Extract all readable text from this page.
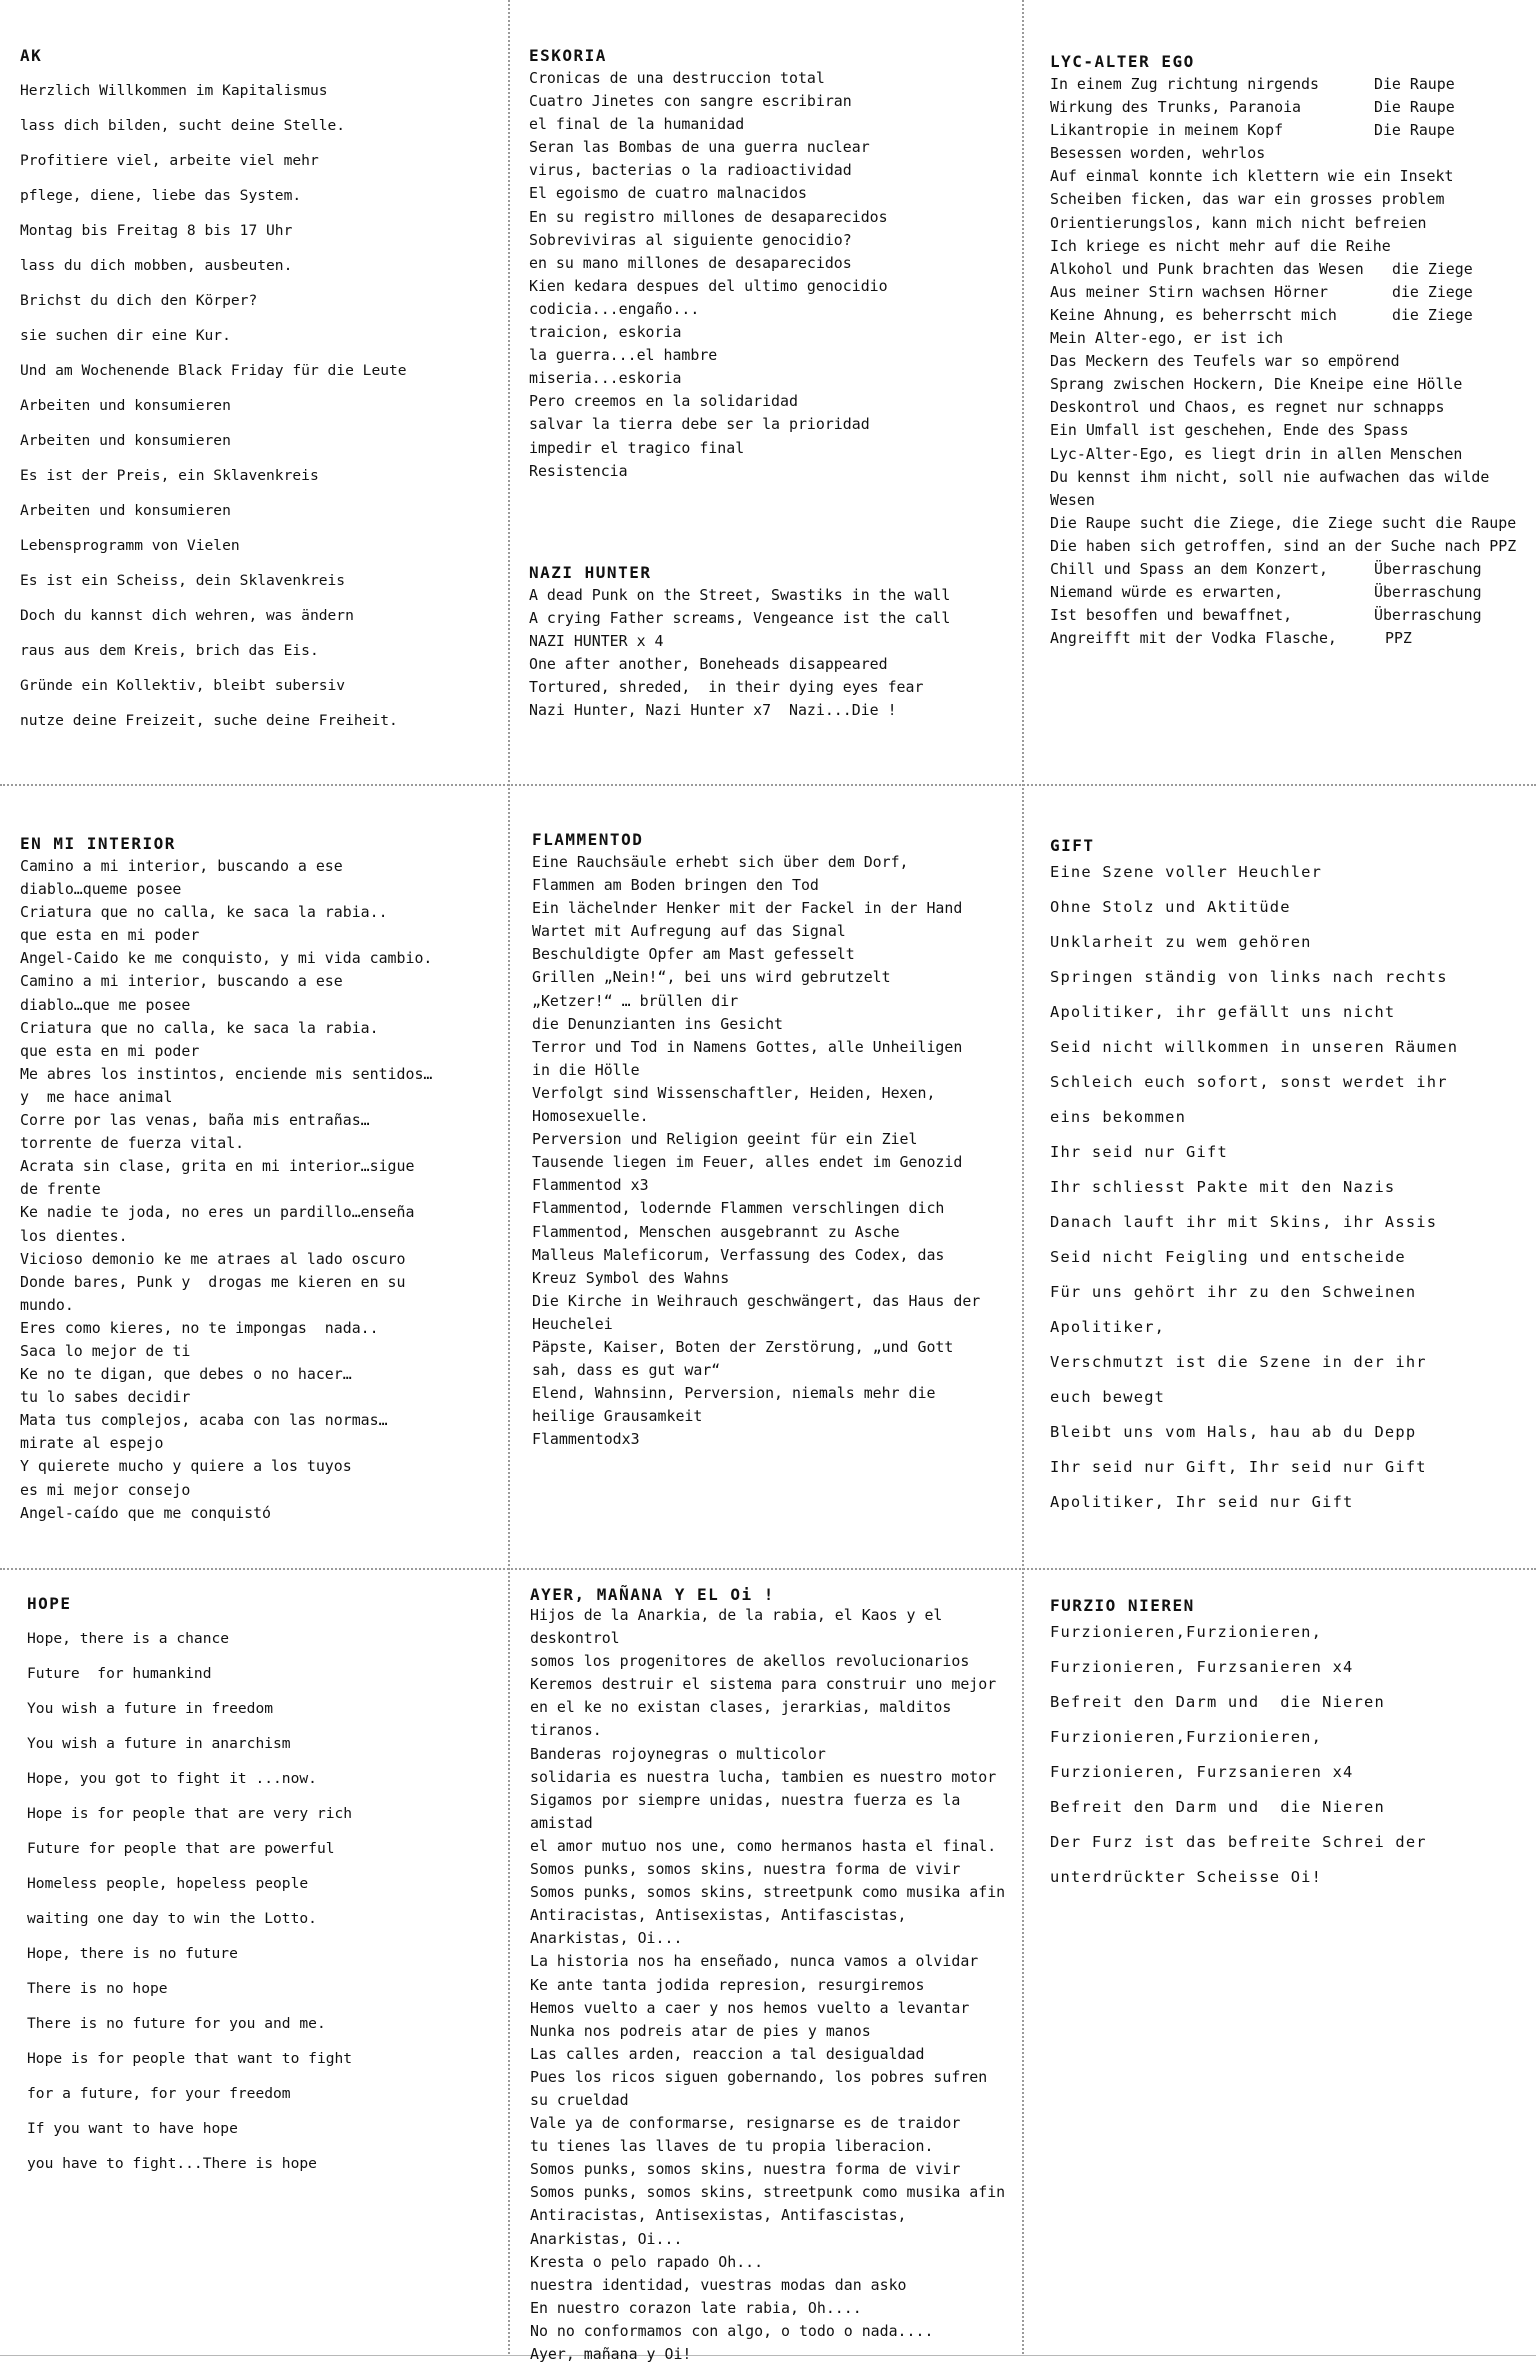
AK
Herzlich Willkommen im Kapitalismus
lass dich bilden, sucht deine Stelle.
Profitiere viel, arbeite viel mehr
pflege, diene, liebe das System.
Montag bis Freitag 8 bis 17 Uhr
lass du dich mobben, ausbeuten.
Brichst du dich den Körper?
sie suchen dir eine Kur.
Und am Wochenende Black Friday für die Leute
Arbeiten und konsumieren
Arbeiten und konsumieren
Es ist der Preis, ein Sklavenkreis
Arbeiten und konsumieren
Lebensprogramm von Vielen
Es ist ein Scheiss, dein Sklavenkreis
Doch du kannst dich wehren, was ändern
raus aus dem Kreis, brich das Eis.
Gründe ein Kollektiv, bleibt subersiv
nutze deine Freizeit, suche deine Freiheit.
ESKORIA
Cronicas de una destruccion total
Cuatro Jinetes con sangre escribiran
el final de la humanidad
Seran las Bombas de una guerra nuclear
virus, bacterias o la radioactividad
El egoismo de cuatro malnacidos
En su registro millones de desaparecidos
Sobreviviras al siguiente genocidio?
en su mano millones de desaparecidos
Kien kedara despues del ultimo genocidio
codicia...engaño...
traicion, eskoria
la guerra...el hambre
miseria...eskoria
Pero creemos en la solidaridad
salvar la tierra debe ser la prioridad
impedir el tragico final
Resistencia
NAZI HUNTER
A dead Punk on the Street, Swastiks in the wall
A crying Father screams, Vengeance ist the call
NAZI HUNTER x 4
One after another, Boneheads disappeared
Tortured, shreded,  in their dying eyes fear
Nazi Hunter, Nazi Hunter x7  Nazi...Die !
LYC-ALTER EGO
In einem Zug richtung nirgends	Die Raupe
Wirkung des Trunks, Paranoia	Die Raupe
Likantropie in meinem Kopf	Die Raupe
Besessen worden, wehrlos
Auf einmal konnte ich klettern wie ein Insekt
Scheiben ficken, das war ein grosses problem
Orientierungslos, kann mich nicht befreien
Ich kriege es nicht mehr auf die Reihe
Alkohol und Punk brachten das Wesen	die Ziege
Aus meiner Stirn wachsen Hörner	die Ziege
Keine Ahnung, es beherrscht mich	die Ziege
Mein Alter-ego, er ist ich
Das Meckern des Teufels war so empörend
Sprang zwischen Hockern, Die Kneipe eine Hölle
Deskontrol und Chaos, es regnet nur schnapps
Ein Umfall ist geschehen, Ende des Spass
Lyc-Alter-Ego, es liegt drin in allen Menschen
Du kennst ihm nicht, soll nie aufwachen das wilde
Wesen
Die Raupe sucht die Ziege, die Ziege sucht die Raupe
Die haben sich getroffen, sind an der Suche nach PPZ
Chill und Spass an dem Konzert,	Überraschung
Niemand würde es erwarten,	Überraschung
Ist besoffen und bewaffnet,	Überraschung
Angreifft mit der Vodka Flasche,	PPZ
EN MI INTERIOR
Camino a mi interior, buscando a ese
diablo…queme posee
Criatura que no calla, ke saca la rabia..
que esta en mi poder
Angel-Caido ke me conquisto, y mi vida cambio.
Camino a mi interior, buscando a ese
diablo…que me posee
Criatura que no calla, ke saca la rabia.
que esta en mi poder
Me abres los instintos, enciende mis sentidos…
y  me hace animal
Corre por las venas, baña mis entrañas…
torrente de fuerza vital.
Acrata sin clase, grita en mi interior…sigue
de frente
Ke nadie te joda, no eres un pardillo…enseña
los dientes.
Vicioso demonio ke me atraes al lado oscuro
Donde bares, Punk y  drogas me kieren en su
mundo.
Eres como kieres, no te impongas  nada..
Saca lo mejor de ti
Ke no te digan, que debes o no hacer…
tu lo sabes decidir
Mata tus complejos, acaba con las normas…
mirate al espejo
Y quierete mucho y quiere a los tuyos
es mi mejor consejo
Angel-caído que me conquistó
FLAMMENTOD
Eine Rauchsäule erhebt sich über dem Dorf,
Flammen am Boden bringen den Tod
Ein lächelnder Henker mit der Fackel in der Hand
Wartet mit Aufregung auf das Signal
Beschuldigte Opfer am Mast gefesselt
Grillen „Nein!“, bei uns wird gebrutzelt
„Ketzer!“ … brüllen dir
die Denunzianten ins Gesicht
Terror und Tod in Namens Gottes, alle Unheiligen
in die Hölle
Verfolgt sind Wissenschaftler, Heiden, Hexen,
Homosexuelle.
Perversion und Religion geeint für ein Ziel
Tausende liegen im Feuer, alles endet im Genozid
Flammentod x3
Flammentod, lodernde Flammen verschlingen dich
Flammentod, Menschen ausgebrannt zu Asche
Malleus Maleficorum, Verfassung des Codex, das
Kreuz Symbol des Wahns
Die Kirche in Weihrauch geschwängert, das Haus der
Heuchelei
Päpste, Kaiser, Boten der Zerstörung, „und Gott
sah, dass es gut war“
Elend, Wahnsinn, Perversion, niemals mehr die
heilige Grausamkeit
Flammentodx3
GIFT
Eine Szene voller Heuchler
Ohne Stolz und Aktitüde
Unklarheit zu wem gehören
Springen ständig von links nach rechts
Apolitiker, ihr gefällt uns nicht
Seid nicht willkommen in unseren Räumen
Schleich euch sofort, sonst werdet ihr
eins bekommen
Ihr seid nur Gift
Ihr schliesst Pakte mit den Nazis
Danach lauft ihr mit Skins, ihr Assis
Seid nicht Feigling und entscheide
Für uns gehört ihr zu den Schweinen
Apolitiker,
Verschmutzt ist die Szene in der ihr
euch bewegt
Bleibt uns vom Hals, hau ab du Depp
Ihr seid nur Gift, Ihr seid nur Gift
Apolitiker, Ihr seid nur Gift
HOPE
Hope, there is a chance
Future  for humankind
You wish a future in freedom
You wish a future in anarchism
Hope, you got to fight it ...now.
Hope is for people that are very rich
Future for people that are powerful
Homeless people, hopeless people
waiting one day to win the Lotto.
Hope, there is no future
There is no hope
There is no future for you and me.
Hope is for people that want to fight
for a future, for your freedom
If you want to have hope
you have to fight...There is hope
AYER, MAÑANA Y EL Oi !
Hijos de la Anarkia, de la rabia, el Kaos y el
deskontrol
somos los progenitores de akellos revolucionarios
Keremos destruir el sistema para construir uno mejor
en el ke no existan clases, jerarkias, malditos
tiranos.
Banderas rojoynegras o multicolor
solidaria es nuestra lucha, tambien es nuestro motor
Sigamos por siempre unidas, nuestra fuerza es la
amistad
el amor mutuo nos une, como hermanos hasta el final.
Somos punks, somos skins, nuestra forma de vivir
Somos punks, somos skins, streetpunk como musika afin
Antiracistas, Antisexistas, Antifascistas,
Anarkistas, Oi...
La historia nos ha enseñado, nunca vamos a olvidar
Ke ante tanta jodida represion, resurgiremos
Hemos vuelto a caer y nos hemos vuelto a levantar
Nunka nos podreis atar de pies y manos
Las calles arden, reaccion a tal desigualdad
Pues los ricos siguen gobernando, los pobres sufren
su crueldad
Vale ya de conformarse, resignarse es de traidor
tu tienes las llaves de tu propia liberacion.
Somos punks, somos skins, nuestra forma de vivir
Somos punks, somos skins, streetpunk como musika afin
Antiracistas, Antisexistas, Antifascistas,
Anarkistas, Oi...
Kresta o pelo rapado Oh...
nuestra identidad, vuestras modas dan asko
En nuestro corazon late rabia, Oh....
No no conformamos con algo, o todo o nada....
Ayer, mañana y Oi!
FURZIO NIEREN
Furzionieren,Furzionieren,
Furzionieren, Furzsanieren x4
Befreit den Darm und  die Nieren
Furzionieren,Furzionieren,
Furzionieren, Furzsanieren x4
Befreit den Darm und  die Nieren
Der Furz ist das befreite Schrei der
unterdrückter Scheisse Oi!
